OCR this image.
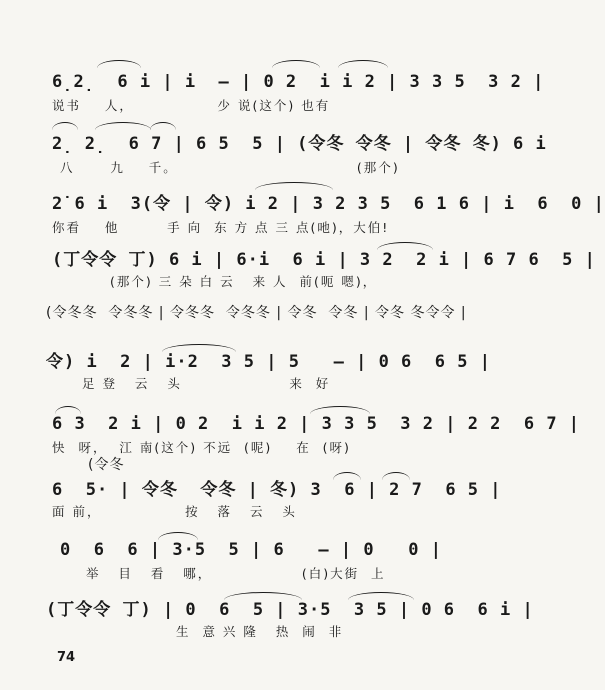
6̣2̣  6 i | i  — | 0 2  i i 2 | 3 3 5  3 2 |
说书    人，              少 说(这个) 也有
2̣ 2̣  6 7 | 6 5  5 | (令冬 令冬 | 令冬 冬) 6 i
八      九    千。                              (那个)
2̇ 6 i  3(令 | 令) i 2 | 3 2 3 5  6 1 6 | i  6  0 |
你看    他        手 向  东 方 点 三 点(吔)，大伯!
(丁令令 丁) 6 i | 6·i  6 i | 3 2  2 i | 6 7 6  5 |
(那个) 三 朵 白 云   来 人  前(呃 嗯)，
(令冬冬  令冬冬 | 令冬冬  令冬冬 | 令冬  令冬 | 令冬 冬令令 |
令) i  2 | i·2  3 5 | 5   — | 0 6  6 5 |
足 登   云   头                  来  好
6 3  2 i | 0 2  i i 2 | 3 3 5  3 2 | 2 2  6 7 |
快  呀，  江 南(这个) 不远  (呢)    在  (呀)
(令冬
6  5· | 令冬  令冬 | 冬) 3  6 | 2 7  6 5 |
面 前，              按   落   云   头
0  6  6 | 3·5  5 | 6   — | 0   0 |
举   目   看   哪，               (白)大街  上
(丁令令 丁) | 0  6  5 | 3·5  3 5 | 0 6  6 i |
生  意 兴 隆   热  闹  非
74
